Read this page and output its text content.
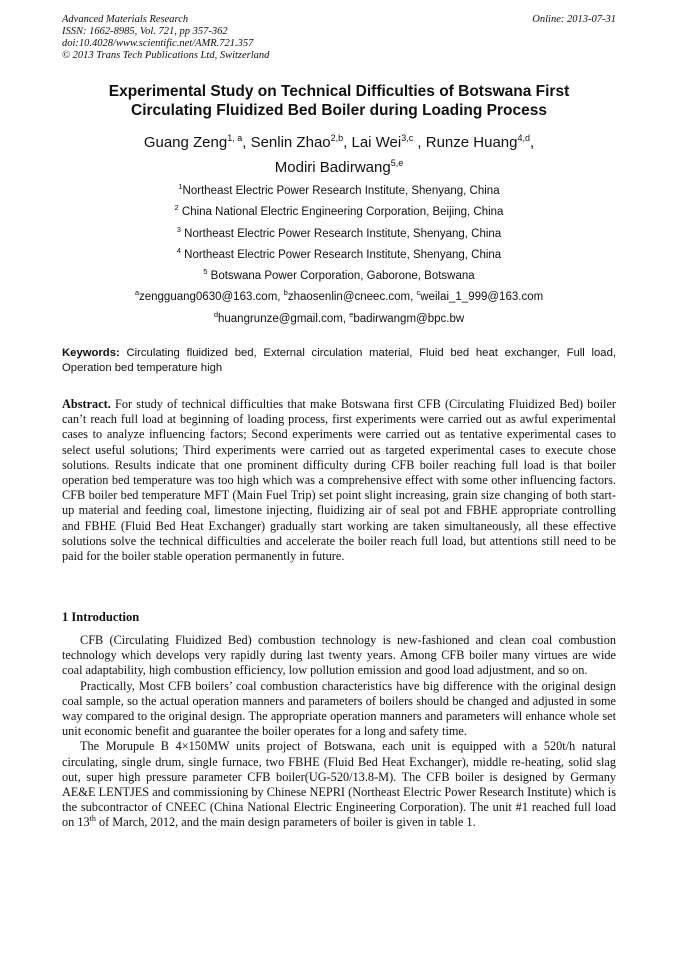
Advanced Materials Research
ISSN: 1662-8985, Vol. 721, pp 357-362
doi:10.4028/www.scientific.net/AMR.721.357
© 2013 Trans Tech Publications Ltd, Switzerland
Online: 2013-07-31
Experimental Study on Technical Difficulties of Botswana First
Circulating Fluidized Bed Boiler during Loading Process
Guang Zeng$^{1, a}$, Senlin Zhao$^{2,b}$, Lai Wei$^{3,c}$ , Runze Huang$^{4,d}$,
Modiri Badirwang$^{5,e}$
$^1$Northeast Electric Power Research Institute, Shenyang, China
$^2$ China National Electric Engineering Corporation, Beijing, China
$^3$ Northeast Electric Power Research Institute, Shenyang, China
$^4$ Northeast Electric Power Research Institute, Shenyang, China
$^5$ Botswana Power Corporation, Gaborone, Botswana
$^a$zengguang0630@163.com, $^b$zhaosenlin@cneec.com, $^c$weilai_1_999@163.com
$^d$huangrunze@gmail.com, $^e$badirwangm@bpc.bw
Keywords: Circulating fluidized bed, External circulation material, Fluid bed heat exchanger, Full load, Operation bed temperature high
Abstract. For study of technical difficulties that make Botswana first CFB (Circulating Fluidized Bed) boiler can’t reach full load at beginning of loading process, first experiments were carried out as awful experimental cases to analyze influencing factors; Second experiments were carried out as tentative experimental cases to select useful solutions; Third experiments were carried out as targeted experimental cases to execute chose solutions. Results indicate that one prominent difficulty during CFB boiler reaching full load is that boiler operation bed temperature was too high which was a comprehensive effect with some other influencing factors. CFB boiler bed temperature MFT (Main Fuel Trip) set point slight increasing, grain size changing of both start-up material and feeding coal, limestone injecting, fluidizing air of seal pot and FBHE appropriate controlling and FBHE (Fluid Bed Heat Exchanger) gradually start working are taken simultaneously, all these effective solutions solve the technical difficulties and accelerate the boiler reach full load, but attentions still need to be paid for the boiler stable operation permanently in future.
1 Introduction

CFB (Circulating Fluidized Bed) combustion technology is new-fashioned and clean coal combustion technology which develops very rapidly during last twenty years. Among CFB boiler many virtues are wide coal adaptability, high combustion efficiency, low pollution emission and good load adjustment, and so on.

Practically, Most CFB boilers’ coal combustion characteristics have big difference with the original design coal sample, so the actual operation manners and parameters of boilers should be changed and adjusted in some way compared to the original design. The appropriate operation manners and parameters will enhance whole set unit economic benefit and guarantee the boiler operates for a long and safety time.

The Morupule B 4×150MW units project of Botswana, each unit is equipped with a 520t/h natural circulating, single drum, single furnace, two FBHE (Fluid Bed Heat Exchanger), middle re-heating, solid slag out, super high pressure parameter CFB boiler(UG-520/13.8-M). The CFB boiler is designed by Germany AE&E LENTJES and commissioning by Chinese NEPRI (Northeast Electric Power Research Institute) which is the subcontractor of CNEEC (China National Electric Engineering Corporation). The unit #1 reached full load on 13th of March, 2012, and the main design parameters of boiler is given in table 1.
